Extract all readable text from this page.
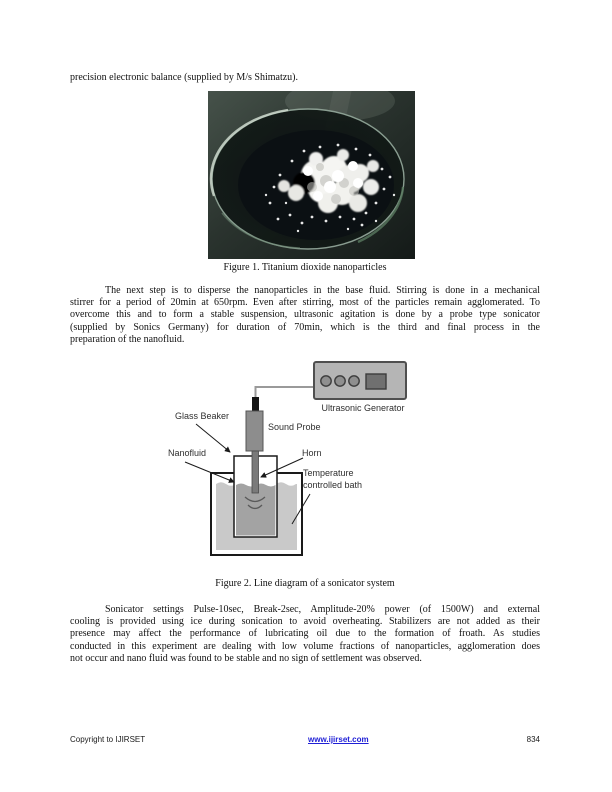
precision electronic balance (supplied by M/s Shimatzu).
Figure 1. Titanium dioxide nanoparticles
The next step is to disperse the nanoparticles in the base fluid. Stirring is done in a mechanical
stirrer for a period of 20min at 650rpm. Even after stirring, most of the particles remain agglomerated. To
overcome this and to form a stable suspension, ultrasonic agitation is done by a probe type sonicator
(supplied by Sonics Germany) for duration of 70min, which is the third and final process in the
preparation of the nanofluid.
Ultrasonic Generator
Glass Beaker
Sound Probe
Nanofluid	Horn
Temperature controlled bath
Figure 2. Line diagram of a sonicator system
Sonicator settings Pulse-10sec, Break-2sec, Amplitude-20% power (of 1500W) and external
cooling is provided using ice during sonication to avoid overheating. Stabilizers are not added as their
presence may affect the performance of lubricating oil due to the formation of froath. As studies
conducted in this experiment are dealing with low volume fractions of nanoparticles, agglomeration does
not occur and nano fluid was found to be stable and no sign of settlement was observed.
Copyright to IJIRSET	www.ijirset.com	834
